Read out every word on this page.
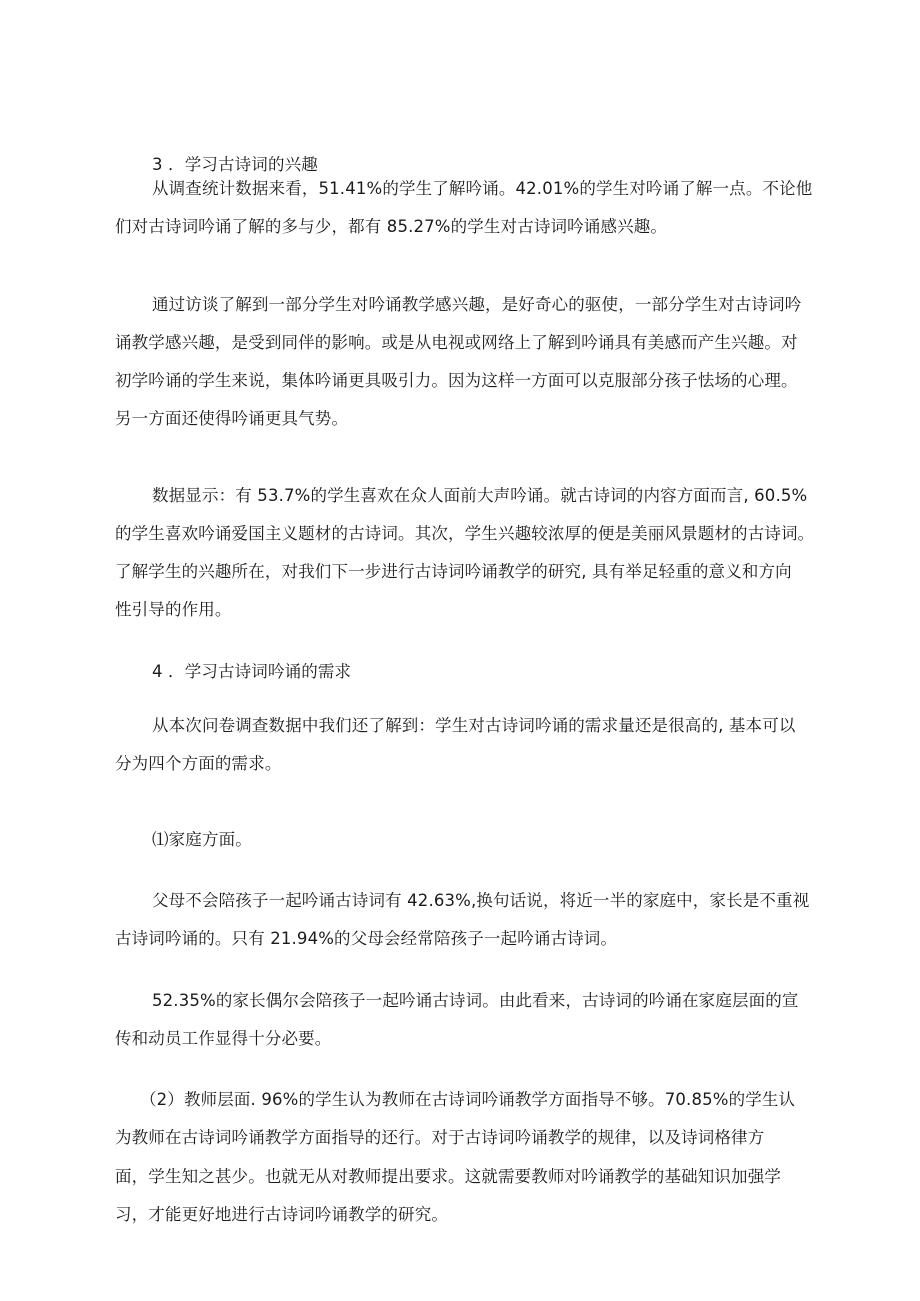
3 ．学习古诗词的兴趣
从调查统计数据来看，51.41%的学生了解吟诵。42.01%的学生对吟诵了解一点。不论他
们对古诗词吟诵了解的多与少，都有 85.27%的学生对古诗词吟诵感兴趣。
通过访谈了解到一部分学生对吟诵教学感兴趣，是好奇心的驱使，一部分学生对古诗词吟
诵教学感兴趣，是受到同伴的影响。或是从电视或网络上了解到吟诵具有美感而产生兴趣。对
初学吟诵的学生来说，集体吟诵更具吸引力。因为这样一方面可以克服部分孩子怯场的心理。
另一方面还使得吟诵更具气势。
数据显示：有 53.7%的学生喜欢在众人面前大声吟诵。就古诗词的内容方面而言, 60.5%
的学生喜欢吟诵爱国主义题材的古诗词。其次，学生兴趣较浓厚的便是美丽风景题材的古诗词。
了解学生的兴趣所在，对我们下一步进行古诗词吟诵教学的研究, 具有举足轻重的意义和方向
性引导的作用。
4 ．学习古诗词吟诵的需求
从本次问卷调查数据中我们还了解到：学生对古诗词吟诵的需求量还是很高的, 基本可以
分为四个方面的需求。
⑴家庭方面。
父母不会陪孩子一起吟诵古诗词有 42.63%,换句话说，将近一半的家庭中，家长是不重视
古诗词吟诵的。只有 21.94%的父母会经常陪孩子一起吟诵古诗词。
52.35%的家长偶尔会陪孩子一起吟诵古诗词。由此看来，古诗词的吟诵在家庭层面的宣
传和动员工作显得十分必要。
（2）教师层面. 96%的学生认为教师在古诗词吟诵教学方面指导不够。70.85%的学生认
为教师在古诗词吟诵教学方面指导的还行。对于古诗词吟诵教学的规律，以及诗词格律方
面，学生知之甚少。也就无从对教师提出要求。这就需要教师对吟诵教学的基础知识加强学
习，才能更好地进行古诗词吟诵教学的研究。
